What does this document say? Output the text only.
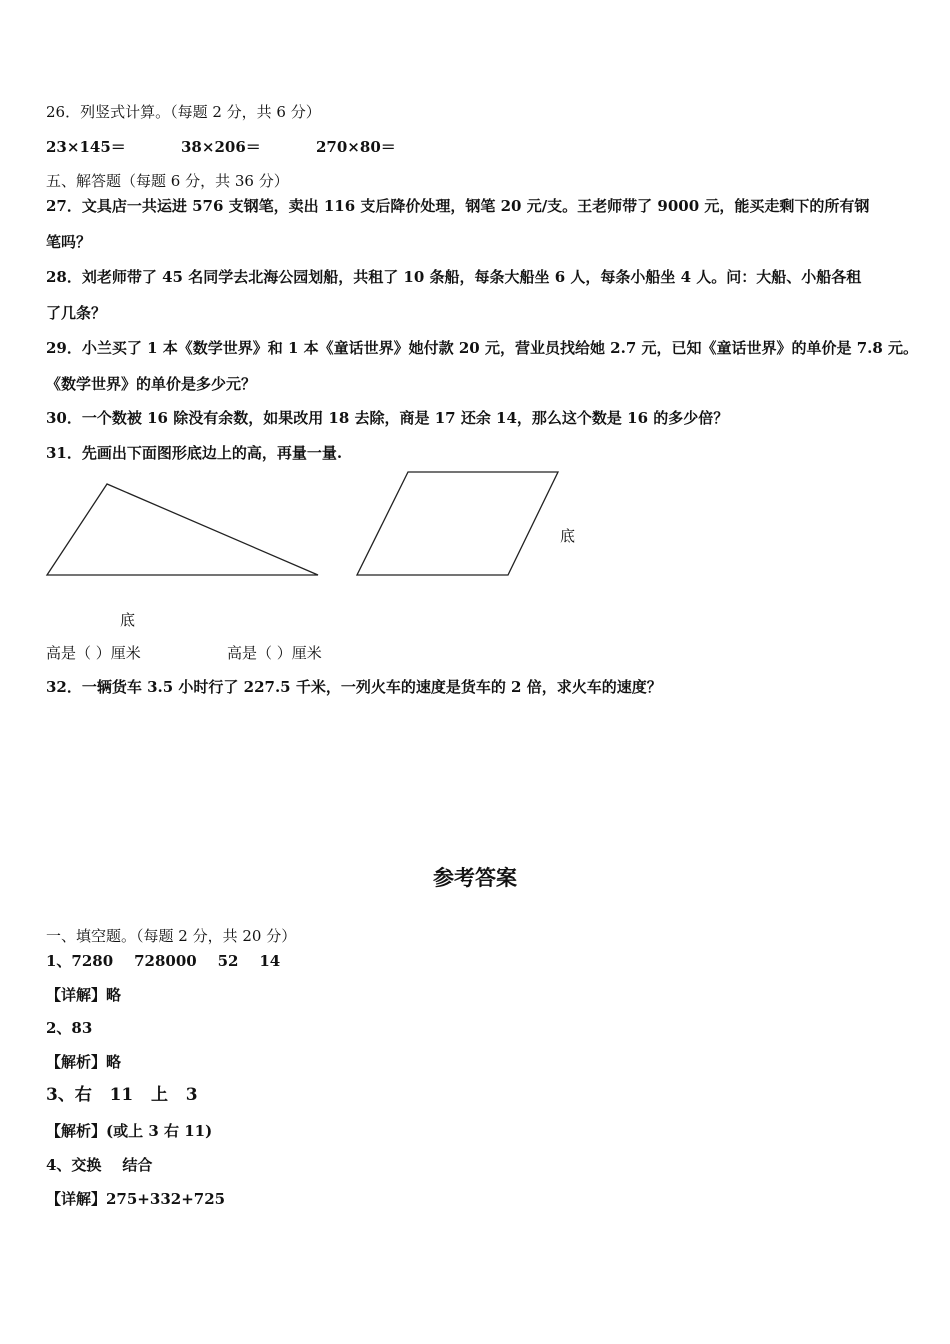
26．列竖式计算。（每题 2 分，共 6 分）
23×145＝	38×206＝	270×80＝
五、解答题（每题 6 分，共 36 分）
27．文具店一共运进 576 支钢笔，卖出 116 支后降价处理，钢笔 20 元/支。王老师带了 9000 元，能买走剩下的所有钢
笔吗？
28．刘老师带了 45 名同学去北海公园划船，共租了 10 条船，每条大船坐 6 人，每条小船坐 4 人。问：大船、小船各租
了几条？
29．小兰买了 1 本《数学世界》和 1 本《童话世界》她付款 20 元，营业员找给她 2.7 元，已知《童话世界》的单价是 7.8 元。
《数学世界》的单价是多少元？
30．一个数被 16 除没有余数，如果改用 18 去除，商是 17 还余 14，那么这个数是 16 的多少倍？
31．先画出下面图形底边上的高，再量一量.
底
底
高是（ ）厘米	高是（ ）厘米
32．一辆货车 3.5 小时行了 227.5 千米，一列火车的速度是货车的 2 倍，求火车的速度？
参考答案
一、填空题。（每题 2 分，共 20 分）
1、7280    728000    52    14
【详解】略
2、83
【解析】略
3、右   11   上   3
【解析】(或上 3 右 11)
4、交换    结合
【详解】275+332+725
